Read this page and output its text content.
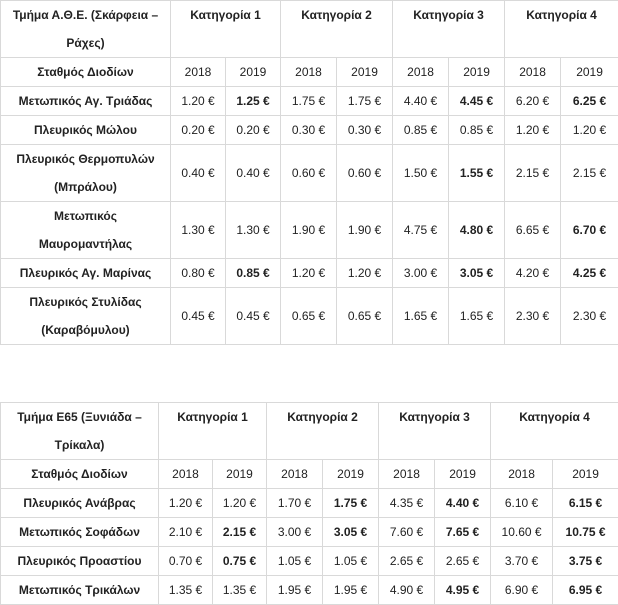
Τμήμα Α.Θ.Ε. (Σκάρφεια – Ράχες)	Κατηγορία 1		Κατηγορία 2		Κατηγορία 3		Κατηγορία 4	
Σταθμός Διοδίων	2018	2019	2018	2019	2018	2019	2018	2019
Μετωπικός Αγ. Τριάδας	1.20 €	1.25 €	1.75 €	1.75 €	4.40 €	4.45 €	6.20 €	6.25 €
Πλευρικός Μώλου	0.20 €	0.20 €	0.30 €	0.30 €	0.85 €	0.85 €	1.20 €	1.20 €
Πλευρικός Θερμοπυλών (Μπράλου)	0.40 €	0.40 €	0.60 €	0.60 €	1.50 €	1.55 €	2.15 €	2.15 €
Μετωπικός Μαυρομαντήλας	1.30 €	1.30 €	1.90 €	1.90 €	4.75 €	4.80 €	6.65 €	6.70 €
Πλευρικός Αγ. Μαρίνας	0.80 €	0.85 €	1.20 €	1.20 €	3.00 €	3.05 €	4.20 €	4.25 €
Πλευρικός Στυλίδας (Καραβόμυλου)	0.45 €	0.45 €	0.65 €	0.65 €	1.65 €	1.65 €	2.30 €	2.30 €
Τμήμα Ε65 (Ξυνιάδα – Τρίκαλα)	Κατηγορία 1		Κατηγορία 2		Κατηγορία 3		Κατηγορία 4	
Σταθμός Διοδίων	2018	2019	2018	2019	2018	2019	2018	2019
Πλευρικός Ανάβρας	1.20 €	1.20 €	1.70 €	1.75 €	4.35 €	4.40 €	6.10 €	6.15 €
Μετωπικός Σοφάδων	2.10 €	2.15 €	3.00 €	3.05 €	7.60 €	7.65 €	10.60 €	10.75 €
Πλευρικός Προαστίου	0.70 €	0.75 €	1.05 €	1.05 €	2.65 €	2.65 €	3.70 €	3.75 €
Μετωπικός Τρικάλων	1.35 €	1.35 €	1.95 €	1.95 €	4.90 €	4.95 €	6.90 €	6.95 €
